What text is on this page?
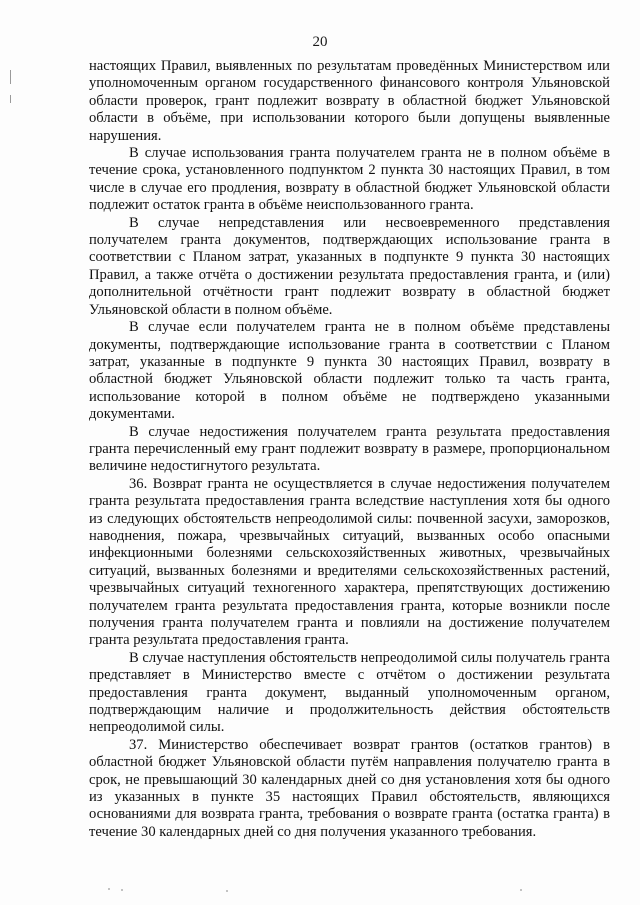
20

настоящих Правил, выявленных по результатам проведённых Министерством или уполномоченным органом государственного финансового контроля Ульяновской области проверок, грант подлежит возврату в областной бюджет Ульяновской области в объёме, при использовании которого были допущены выявленные нарушения.

В случае использования гранта получателем гранта не в полном объёме в течение срока, установленного подпунктом 2 пункта 30 настоящих Правил, в том числе в случае его продления, возврату в областной бюджет Ульяновской области подлежит остаток гранта в объёме неиспользованного гранта.

В случае непредставления или несвоевременного представления получателем гранта документов, подтверждающих использование гранта в соответствии с Планом затрат, указанных в подпункте 9 пункта 30 настоящих Правил, а также отчёта о достижении результата предоставления гранта, и (или) дополнительной отчётности грант подлежит возврату в областной бюджет Ульяновской области в полном объёме.

В случае если получателем гранта не в полном объёме представлены документы, подтверждающие использование гранта в соответствии с Планом затрат, указанные в подпункте 9 пункта 30 настоящих Правил, возврату в областной бюджет Ульяновской области подлежит только та часть гранта, использование которой в полном объёме не подтверждено указанными документами.

В случае недостижения получателем гранта результата предоставления гранта перечисленный ему грант подлежит возврату в размере, пропорциональном величине недостигнутого результата.

36. Возврат гранта не осуществляется в случае недостижения получателем гранта результата предоставления гранта вследствие наступления хотя бы одного из следующих обстоятельств непреодолимой силы: почвенной засухи, заморозков, наводнения, пожара, чрезвычайных ситуаций, вызванных особо опасными инфекционными болезнями сельскохозяйственных животных, чрезвычайных ситуаций, вызванных болезнями и вредителями сельскохозяйственных растений, чрезвычайных ситуаций техногенного характера, препятствующих достижению получателем гранта результата предоставления гранта, которые возникли после получения гранта получателем гранта и повлияли на достижение получателем гранта результата предоставления гранта.

В случае наступления обстоятельств непреодолимой силы получатель гранта представляет в Министерство вместе с отчётом о достижении результата предоставления гранта документ, выданный уполномоченным органом, подтверждающим наличие и продолжительность действия обстоятельств непреодолимой силы.

37. Министерство обеспечивает возврат грантов (остатков грантов) в областной бюджет Ульяновской области путём направления получателю гранта в срок, не превышающий 30 календарных дней со дня установления хотя бы одного из указанных в пункте 35 настоящих Правил обстоятельств, являющихся основаниями для возврата гранта, требования о возврате гранта (остатка гранта) в течение 30 календарных дней со дня получения указанного требования.
